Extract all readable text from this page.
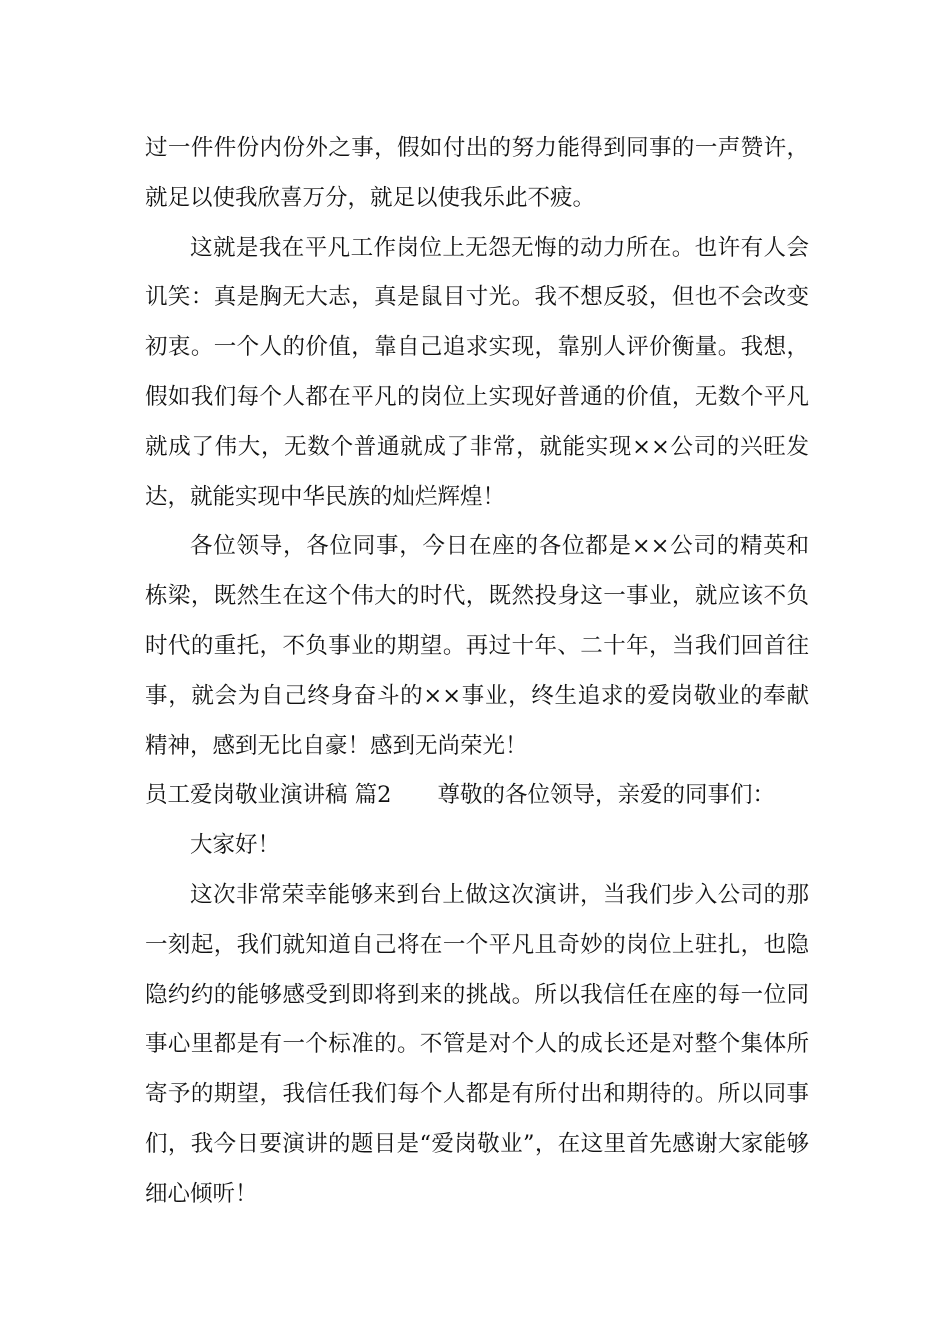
过一件件份内份外之事，假如付出的努力能得到同事的一声赞许，就足以使我欣喜万分，就足以使我乐此不疲。

这就是我在平凡工作岗位上无怨无悔的动力所在。也许有人会讥笑：真是胸无大志，真是鼠目寸光。我不想反驳，但也不会改变初衷。一个人的价值，靠自己追求实现，靠别人评价衡量。我想，假如我们每个人都在平凡的岗位上实现好普通的价值，无数个平凡就成了伟大，无数个普通就成了非常，就能实现××公司的兴旺发达，就能实现中华民族的灿烂辉煌！

各位领导，各位同事，今日在座的各位都是××公司的精英和栋梁，既然生在这个伟大的时代，既然投身这一事业，就应该不负时代的重托，不负事业的期望。再过十年、二十年，当我们回首往事，就会为自己终身奋斗的××事业，终生追求的爱岗敬业的奉献精神，感到无比自豪！感到无尚荣光！

员工爱岗敬业演讲稿 篇2 尊敬的各位领导，亲爱的同事们：

大家好！

这次非常荣幸能够来到台上做这次演讲，当我们步入公司的那一刻起，我们就知道自己将在一个平凡且奇妙的岗位上驻扎，也隐隐约约的能够感受到即将到来的挑战。所以我信任在座的每一位同事心里都是有一个标准的。不管是对个人的成长还是对整个集体所寄予的期望，我信任我们每个人都是有所付出和期待的。所以同事们，我今日要演讲的题目是“爱岗敬业”，在这里首先感谢大家能够细心倾听！
